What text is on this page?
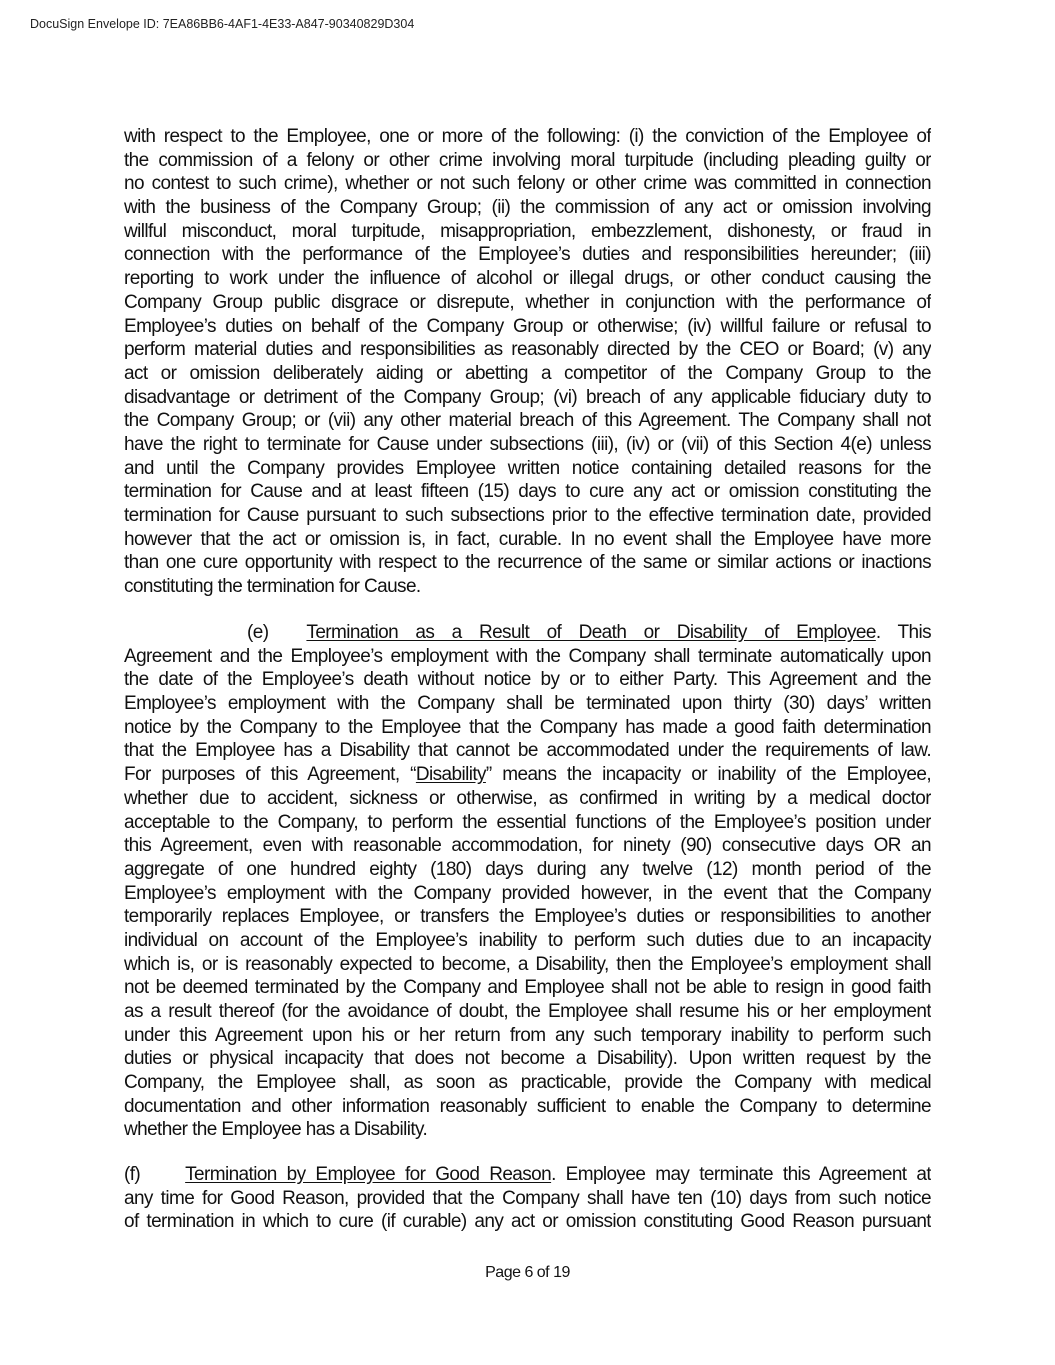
DocuSign Envelope ID: 7EA86BB6-4AF1-4E33-A847-90340829D304
with respect to the Employee, one or more of the following: (i) the conviction of the Employee of
the commission of a felony or other crime involving moral turpitude (including pleading guilty or
no contest to such crime), whether or not such felony or other crime was committed in connection
with the business of the Company Group; (ii) the commission of any act or omission involving
willful misconduct, moral turpitude, misappropriation, embezzlement, dishonesty, or fraud in
connection with the performance of the Employee’s duties and responsibilities hereunder; (iii)
reporting to work under the influence of alcohol or illegal drugs, or other conduct causing the
Company Group public disgrace or disrepute, whether in conjunction with the performance of
Employee’s duties on behalf of the Company Group or otherwise; (iv) willful failure or refusal to
perform material duties and responsibilities as reasonably directed by the CEO or Board; (v) any
act or omission deliberately aiding or abetting a competitor of the Company Group to the
disadvantage or detriment of the Company Group; (vi) breach of any applicable fiduciary duty to
the Company Group; or (vii) any other material breach of this Agreement. The Company shall not
have the right to terminate for Cause under subsections (iii), (iv) or (vii) of this Section 4(e) unless
and until the Company provides Employee written notice containing detailed reasons for the
termination for Cause and at least fifteen (15) days to cure any act or omission constituting the
termination for Cause pursuant to such subsections prior to the effective termination date, provided
however that the act or omission is, in fact, curable. In no event shall the Employee have more
than one cure opportunity with respect to the recurrence of the same or similar actions or inactions
constituting the termination for Cause.
(e) Termination as a Result of Death or Disability of Employee. This
Agreement and the Employee’s employment with the Company shall terminate automatically upon
the date of the Employee’s death without notice by or to either Party. This Agreement and the
Employee’s employment with the Company shall be terminated upon thirty (30) days’ written
notice by the Company to the Employee that the Company has made a good faith determination
that the Employee has a Disability that cannot be accommodated under the requirements of law.
For purposes of this Agreement, “Disability” means the incapacity or inability of the Employee,
whether due to accident, sickness or otherwise, as confirmed in writing by a medical doctor
acceptable to the Company, to perform the essential functions of the Employee’s position under
this Agreement, even with reasonable accommodation, for ninety (90) consecutive days OR an
aggregate of one hundred eighty (180) days during any twelve (12) month period of the
Employee’s employment with the Company provided however, in the event that the Company
temporarily replaces Employee, or transfers the Employee’s duties or responsibilities to another
individual on account of the Employee’s inability to perform such duties due to an incapacity
which is, or is reasonably expected to become, a Disability, then the Employee’s employment shall
not be deemed terminated by the Company and Employee shall not be able to resign in good faith
as a result thereof (for the avoidance of doubt, the Employee shall resume his or her employment
under this Agreement upon his or her return from any such temporary inability to perform such
duties or physical incapacity that does not become a Disability). Upon written request by the
Company, the Employee shall, as soon as practicable, provide the Company with medical
documentation and other information reasonably sufficient to enable the Company to determine
whether the Employee has a Disability.
(f) Termination by Employee for Good Reason. Employee may terminate this Agreement at
any time for Good Reason, provided that the Company shall have ten (10) days from such notice
of termination in which to cure (if curable) any act or omission constituting Good Reason pursuant
Page 6 of 19
